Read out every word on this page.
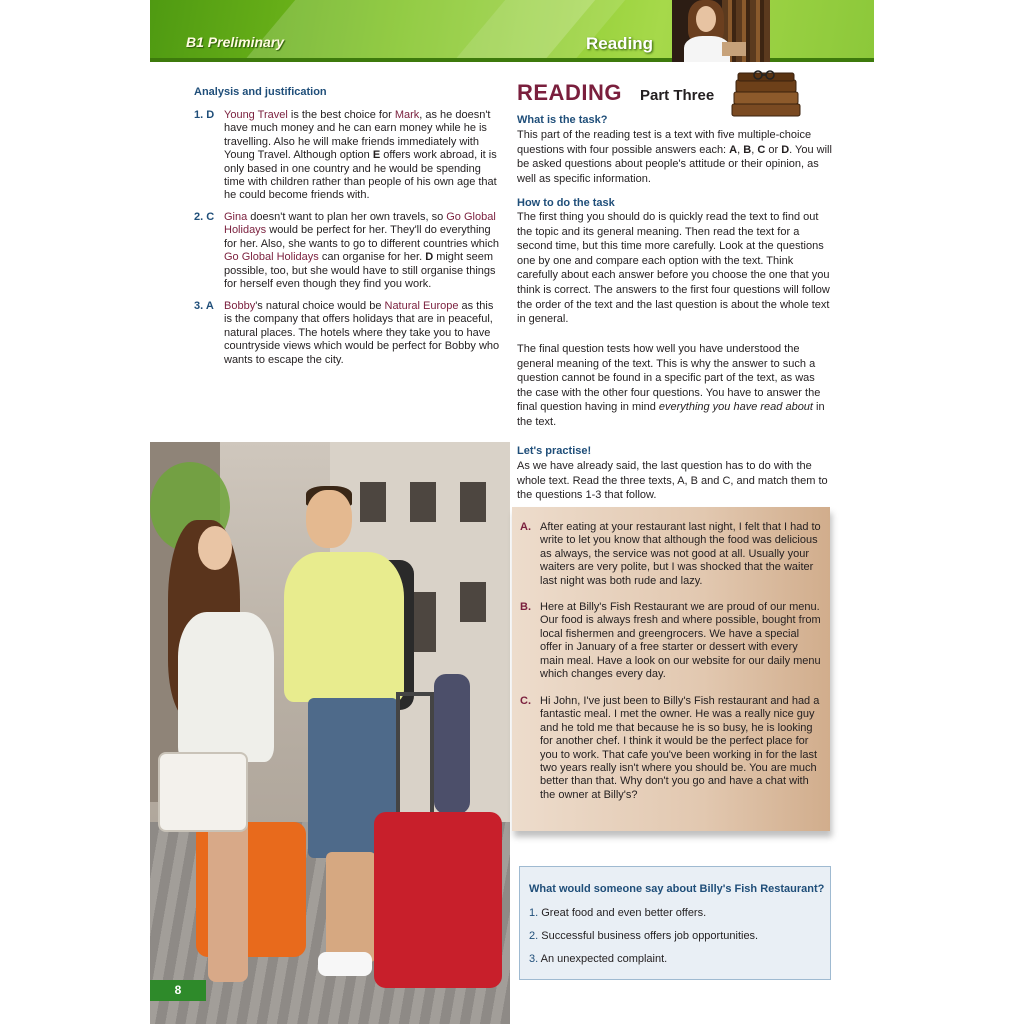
B1 Preliminary	Reading
Analysis and justification
1. D Young Travel is the best choice for Mark, as he doesn't have much money and he can earn money while he is travelling. Also he will make friends immediately with Young Travel. Although option E offers work abroad, it is only based in one country and he would be spending time with children rather than people of his own age that he could become friends with.
2. C Gina doesn't want to plan her own travels, so Go Global Holidays would be perfect for her. They'll do everything for her. Also, she wants to go to different countries which Go Global Holidays can organise for her. D might seem possible, too, but she would have to still organise things for herself even though they find you work.
3. A Bobby's natural choice would be Natural Europe as this is the company that offers holidays that are in peaceful, natural places. The hotels where they take you to have countryside views which would be perfect for Bobby who wants to escape the city.
8
READING Part Three
What is the task?
This part of the reading test is a text with five multiple-choice questions with four possible answers each: A, B, C or D. You will be asked questions about people's attitude or their opinion, as well as specific information.
How to do the task
The first thing you should do is quickly read the text to find out the topic and its general meaning. Then read the text for a second time, but this time more carefully. Look at the questions one by one and compare each option with the text. Think carefully about each answer before you choose the one that you think is correct. The answers to the first four questions will follow the order of the text and the last question is about the whole text in general.
The final question tests how well you have understood the general meaning of the text. This is why the answer to such a question cannot be found in a specific part of the text, as was the case with the other four questions. You have to answer the final question having in mind everything you have read about in the text.
Let's practise!
As we have already said, the last question has to do with the whole text. Read the three texts, A, B and C, and match them to the questions 1-3 that follow.
A. After eating at your restaurant last night, I felt that I had to write to let you know that although the food was delicious as always, the service was not good at all. Usually your waiters are very polite, but I was shocked that the waiter last night was both rude and lazy.
B. Here at Billy's Fish Restaurant we are proud of our menu. Our food is always fresh and where possible, bought from local fishermen and greengrocers. We have a special offer in January of a free starter or dessert with every main meal. Have a look on our website for our daily menu which changes every day.
C. Hi John, I've just been to Billy's Fish restaurant and had a fantastic meal. I met the owner. He was a really nice guy and he told me that because he is so busy, he is looking for another chef. I think it would be the perfect place for you to work. That cafe you've been working in for the last two years really isn't where you should be. You are much better than that. Why don't you go and have a chat with the owner at Billy's?
What would someone say about Billy's Fish Restaurant?
1. Great food and even better offers.
2. Successful business offers job opportunities.
3. An unexpected complaint.
